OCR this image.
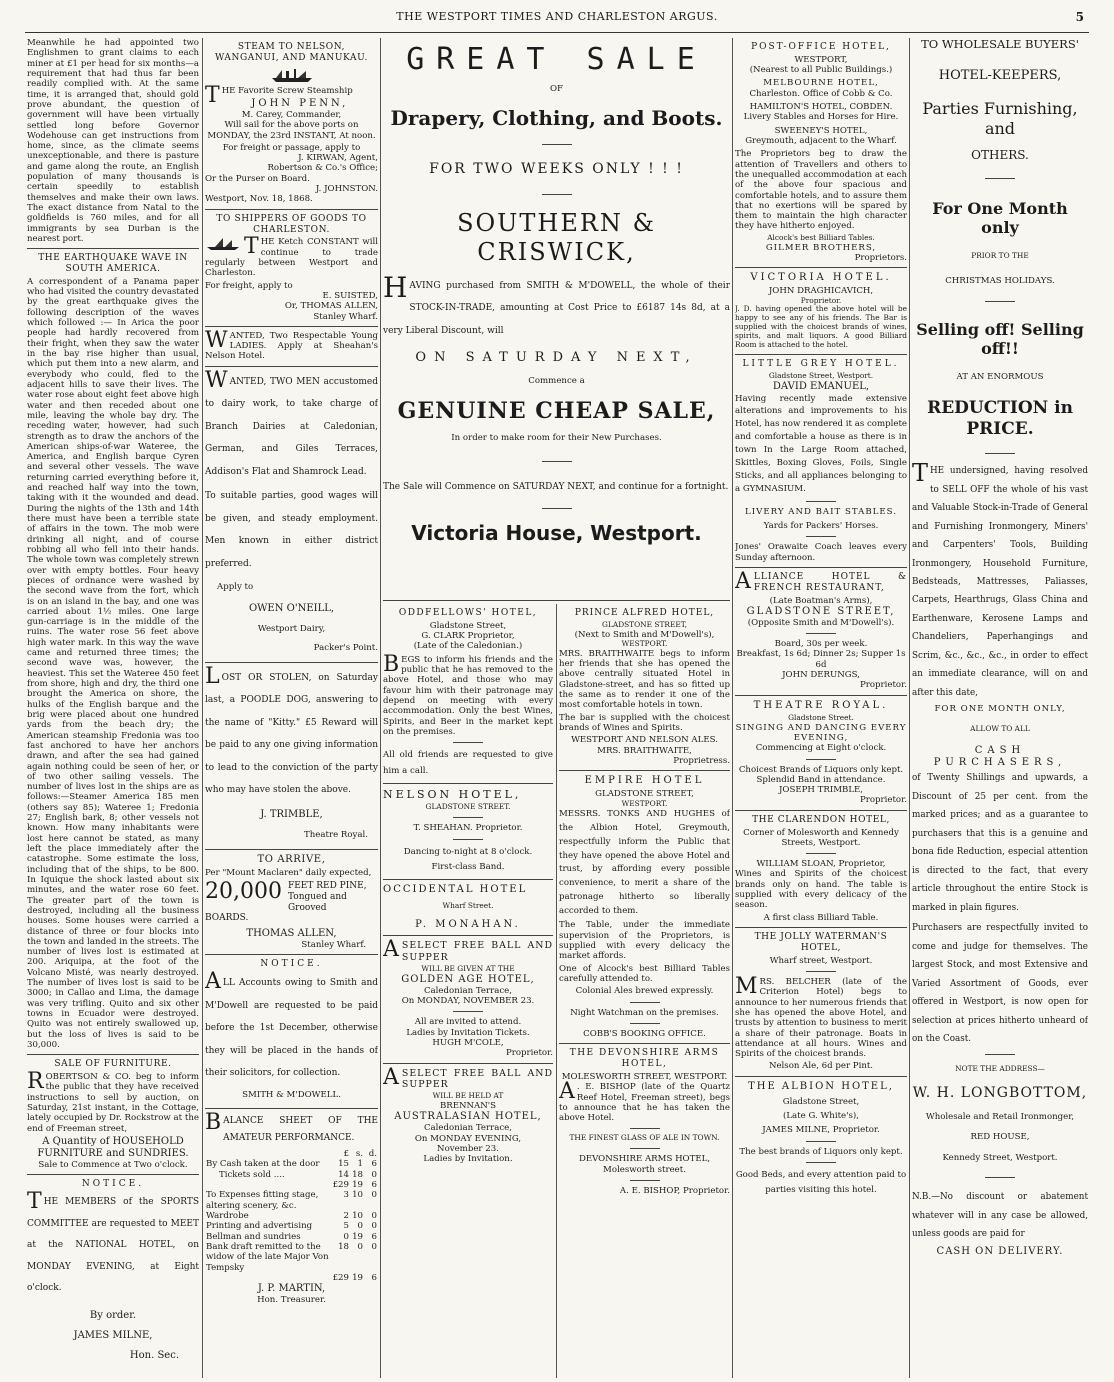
THE WESTPORT TIMES AND CHARLESTON ARGUS.	5

Meanwhile he had appointed two Englishmen to grant claims to each miner at £1 per head for six months—a requirement that had thus far been readily complied with. At the same time, it is arranged that, should gold prove abundant, the question of government will have been virtually settled long before Governor Wodehouse can get instructions from home, since, as the climate seems unexceptionable, and there is pasture and game along the route, an English population of many thousands is certain speedily to establish themselves and make their own laws. The exact distance from Natal to the goldfields is 760 miles, and for all immigrants by sea Durban is the nearest port.

THE EARTHQUAKE WAVE IN SOUTH AMERICA.

A correspondent of a Panama paper who had visited the country devastated by the great earthquake gives the following description of the waves which followed :— In Arica the poor people had hardly recovered from their fright, when they saw the water in the bay rise higher than usual, which put them into a new alarm, and everybody who could, fled to the adjacent hills to save their lives. The water rose about eight feet above high water and then receded about one mile, leaving the whole bay dry. The receding water, however, had such strength as to draw the anchors of the American ships-of-war Wateree, the America, and English barque Cyren and several other vessels. The wave returning carried everything before it, and reached half way into the town, taking with it the wounded and dead. During the nights of the 13th and 14th there must have been a terrible state of affairs in the town. The mob were drinking all night, and of course robbing all who fell into their hands. The whole town was completely strewn over with empty bottles. Four heavy pieces of ordnance were washed by the second wave from the fort, which is on an island in the bay, and one was carried about 1½ miles. One large gun-carriage is in the middle of the ruins. The water rose 56 feet above high water mark. In this way the wave came and returned three times; the second wave was, however, the heaviest. This set the Wateree 450 feet from shore, high and dry, the third one brought the America on shore, the hulks of the English barque and the brig were placed about one hundred yards from the beach dry; the American steamship Fredonia was too fast anchored to have her anchors drawn, and after the sea had gained again nothing could be seen of her, or of two other sailing vessels. The number of lives lost in the ships are as follows:—Steamer America 185 men (others say 85); Wateree 1; Fredonia 27; English bark, 8; other vessels not known. How many inhabitants were lost here cannot be stated, as many left the place immediately after the catastrophe. Some estimate the loss, including that of the ships, to be 800. In Iquique the shock lasted about six minutes, and the water rose 60 feet. The greater part of the town is destroyed, including all the business houses. Some houses were carried a distance of three or four blocks into the town and landed in the streets. The number of lives lost is estimated at 200. Ariquipa, at the foot of the Volcano Misté, was nearly destroyed. The number of lives lost is said to be 3000; in Callao and Lima, the damage was very trifling. Quito and six other towns in Ecuador were destroyed. Quito was not entirely swallowed up, but the loss of lives is said to be 30,000.

SALE OF FURNITURE.

ROBERTSON & CO. beg to inform the public that they have received instructions to sell by auction, on Saturday, 21st instant, in the Cottage, lately occupied by Dr. Rockstrow at the end of Freeman street,

A Quantity of HOUSEHOLD FURNITURE and SUNDRIES.
Sale to Commence at Two o'clock.
NOTICE.

THE MEMBERS of the SPORTS COMMITTEE are requested to MEET at the NATIONAL HOTEL, on MONDAY EVENING, at Eight o'clock.

By order.
JAMES MILNE,
Hon. Sec.
STEAM TO NELSON, WANGANUI, AND MANUKAU.

THE Favorite Screw Steamship

JOHN PENN,
M. Carey, Commander,

Will sail for the above ports on MONDAY, the 23rd INSTANT, At noon.

For freight or passage, apply to
J. KIRWAN, Agent,
Robertson & Co.'s Office;
Or the Purser on Board.
J. JOHNSTON.
Westport, Nov. 18, 1868.
TO SHIPPERS OF GOODS TO CHARLESTON.

THE Ketch CONSTANT will continue to trade regularly between Westport and Charleston.

For freight, apply to
E. SUISTED,
Or, THOMAS ALLEN,
Stanley Wharf.

WANTED, Two Respectable Young LADIES. Apply at Sheahan's Nelson Hotel.

WANTED, TWO MEN accustomed to dairy work, to take charge of Branch Dairies at Caledonian, German, and Giles Terraces, Addison's Flat and Shamrock Lead.

To suitable parties, good wages will be given, and steady employment. Men known in either district preferred.

Apply to
OWEN O'NEILL,
Westport Dairy,
Packer's Point.

LOST OR STOLEN, on Saturday last, a POODLE DOG, answering to the name of "Kitty." £5 Reward will be paid to any one giving information to lead to the conviction of the party who may have stolen the above.

J. TRIMBLE,
Theatre Royal.
TO ARRIVE,
Per "Mount Maclaren" daily expected,
20,000 FEET RED PINE, Tongued and Grooved
BOARDS.
THOMAS ALLEN,
Stanley Wharf.
NOTICE.

ALL Accounts owing to Smith and M'Dowell are requested to be paid before the 1st December, otherwise they will be placed in the hands of their solicitors, for collection.

SMITH & M'DOWELL.

BALANCE SHEET OF THE AMATEUR PERFORMANCE.

	£	s.	d.
By Cash taken at the door	15	1	6
Tickets sold ....	14	18	0
	£29	19	6
To Expenses fitting stage, altering scenery, &c.	3	10	0
Wardrobe	2	10	0
Printing and advertising	5	0	0
Bellman and sundries	0	19	6
Bank draft remitted to the widow of the late Major Von Tempsky	18	0	0
	£29	19	6
J. P. MARTIN,
Hon. Treasurer.
GREAT SALE
OF
Drapery, Clothing, and Boots.
FOR TWO WEEKS ONLY ! ! !
SOUTHERN & CRISWICK,

HAVING purchased from SMITH & M'DOWELL, the whole of their STOCK-IN-TRADE, amounting at Cost Price to £6187 14s 8d, at a very Liberal Discount, will

ON SATURDAY NEXT,
Commence a
GENUINE CHEAP SALE,
In order to make room for their New Purchases.

The Sale will Commence on SATURDAY NEXT, and continue for a fortnight.

Victoria House, Westport.
ODDFELLOWS' HOTEL,
Gladstone Street,
G. CLARK Proprietor,
(Late of the Caledonian.)

BEGS to inform his friends and the public that he has removed to the above Hotel, and those who may favour him with their patronage may depend on meeting with every accommodation. Only the best Wines, Spirits, and Beer in the market kept on the premises.

All old friends are requested to give him a call.

NELSON HOTEL,
GLADSTONE STREET.
T. SHEAHAN. Proprietor.
Dancing to-night at 8 o'clock.
First-class Band.
OCCIDENTAL HOTEL
Wharf Street.
P. MONAHAN.

ASELECT FREE BALL AND SUPPER

WILL BE GIVEN AT THE
GOLDEN AGE HOTEL,
Caledonian Terrace,
On MONDAY, NOVEMBER 23.
All are invited to attend.
Ladies by Invitation Tickets.
HUGH M'COLE,
Proprietor.

ASELECT FREE BALL AND SUPPER

WILL BE HELD AT
BRENNAN'S
AUSTRALASIAN HOTEL,
Caledonian Terrace,
On MONDAY EVENING,
November 23.
Ladies by Invitation.
PRINCE ALFRED HOTEL,
GLADSTONE STREET,
(Next to Smith and M'Dowell's),
WESTPORT.

MRS. BRAITHWAITE begs to inform her friends that she has opened the above centrally situated Hotel in Gladstone-street, and has so fitted up the same as to render it one of the most comfortable hotels in town.

The bar is supplied with the choicest brands of Wines and Spirits.

WESTPORT AND NELSON ALES.
MRS. BRAITHWAITE,
Proprietress.
EMPIRE HOTEL
GLADSTONE STREET,
WESTPORT.

MESSRS. TONKS AND HUGHES of the Albion Hotel, Greymouth, respectfully inform the Public that they have opened the above Hotel and trust, by affording every possible convenience, to merit a share of the patronage hitherto so liberally accorded to them.

The Table, under the immediate supervision of the Proprietors, is supplied with every delicacy the market affords.

One of Alcock's best Billiard Tables carefully attended to.

Colonial Ales brewed expressly.
Night Watchman on the premises.
COBB'S BOOKING OFFICE.
THE DEVONSHIRE ARMS HOTEL,
MOLESWORTH STREET, WESTPORT.

A . E. BISHOP (late of the Quartz Reef Hotel, Freeman street), begs to announce that he has taken the above Hotel.

THE FINEST GLASS OF ALE IN TOWN.
DEVONSHIRE ARMS HOTEL,
Molesworth street.
A. E. BISHOP, Proprietor.
POST-OFFICE HOTEL,
WESTPORT,
(Nearest to all Public Buildings.)
MELBOURNE HOTEL,
Charleston. Office of Cobb & Co.
HAMILTON'S HOTEL, COBDEN.
Livery Stables and Horses for Hire.
SWEENEY'S HOTEL,
Greymouth, adjacent to the Wharf.

The Proprietors beg to draw the attention of Travellers and others to the unequalled accommodation at each of the above four spacious and comfortable hotels, and to assure them that no exertions will be spared by them to maintain the high character they have hitherto enjoyed.

Alcock's best Billiard Tables.
GILMER BROTHERS,
Proprietors.
VICTORIA HOTEL.
JOHN DRAGHICAVICH,
Proprietor.

J. D. having opened the above hotel will be happy to see any of his friends. The Bar is supplied with the choicest brands of wines, spirits, and malt liquors. A good Billiard Room is attached to the hotel.

LITTLE GREY HOTEL.
Gladstone Street, Westport.
DAVID EMANUEL,

Having recently made extensive alterations and improvements to his Hotel, has now rendered it as complete and comfortable a house as there is in town In the Large Room attached, Skittles, Boxing Gloves, Foils, Single Sticks, and all appliances belonging to a GYMNASIUM.

LIVERY AND BAIT STABLES.
Yards for Packers' Horses.

Jones' Orawaite Coach leaves every Sunday afternoon.

ALLIANCE HOTEL & FRENCH RESTAURANT,

(Late Boatman's Arms),
GLADSTONE STREET,
(Opposite Smith and M'Dowell's).
Board, 30s per week.
Breakfast, 1s 6d; Dinner 2s; Supper 1s 6d
JOHN DERUNGS,
Proprietor.
THEATRE ROYAL.
Gladstone Street.
SINGING AND DANCING EVERY EVENING,
Commencing at Eight o'clock.
Choicest Brands of Liquors only kept.
Splendid Band in attendance.
JOSEPH TRIMBLE,
Proprietor.
THE CLARENDON HOTEL,
Corner of Molesworth and Kennedy Streets, Westport.
WILLIAM SLOAN, Proprietor,

Wines and Spirits of the choicest brands only on hand. The table is supplied with every delicacy of the season.

A first class Billiard Table.
THE JOLLY WATERMAN'S HOTEL,
Wharf street, Westport.

MRS. BELCHER (late of the Criterion Hotel) begs to announce to her numerous friends that she has opened the above Hotel, and trusts by attention to business to merit a share of their patronage. Boats in attendance at all hours. Wines and Spirits of the choicest brands.

Nelson Ale, 6d per Pint.
THE ALBION HOTEL,
Gladstone Street,
(Late G. White's),
JAMES MILNE, Proprietor.
The best brands of Liquors only kept.

Good Beds, and every attention paid to parties visiting this hotel.

TO WHOLESALE BUYERS'
HOTEL-KEEPERS,
Parties Furnishing, and
OTHERS.
For One Month only
PRIOR TO THE
CHRISTMAS HOLIDAYS.
Selling off! Selling off!!
AT AN ENORMOUS
REDUCTION in PRICE.

THE undersigned, having resolved to SELL OFF the whole of his vast and Valuable Stock-in-Trade of General and Furnishing Ironmongery, Miners' and Carpenters' Tools, Building Ironmongery, Household Furniture, Bedsteads, Mattresses, Paliasses, Carpets, Hearthrugs, Glass China and Earthenware, Kerosene Lamps and Chandeliers, Paperhangings and Scrim, &c., &c., &c., in order to effect an immediate clearance, will on and after this date,

FOR ONE MONTH ONLY,
ALLOW TO ALL
CASH PURCHASERS,

of Twenty Shillings and upwards, a Discount of 25 per cent. from the marked prices; and as a guarantee to purchasers that this is a genuine and bona fide Reduction, especial attention is directed to the fact, that every article throughout the entire Stock is marked in plain figures.

Purchasers are respectfully invited to come and judge for themselves. The largest Stock, and most Extensive and Varied Assortment of Goods, ever offered in Westport, is now open for selection at prices hitherto unheard of on the Coast.

NOTE THE ADDRESS—
W. H. LONGBOTTOM,
Wholesale and Retail Ironmonger,
RED HOUSE,
Kennedy Street, Westport.

N.B.—No discount or abatement whatever will in any case be allowed, unless goods are paid for

CASH ON DELIVERY.
